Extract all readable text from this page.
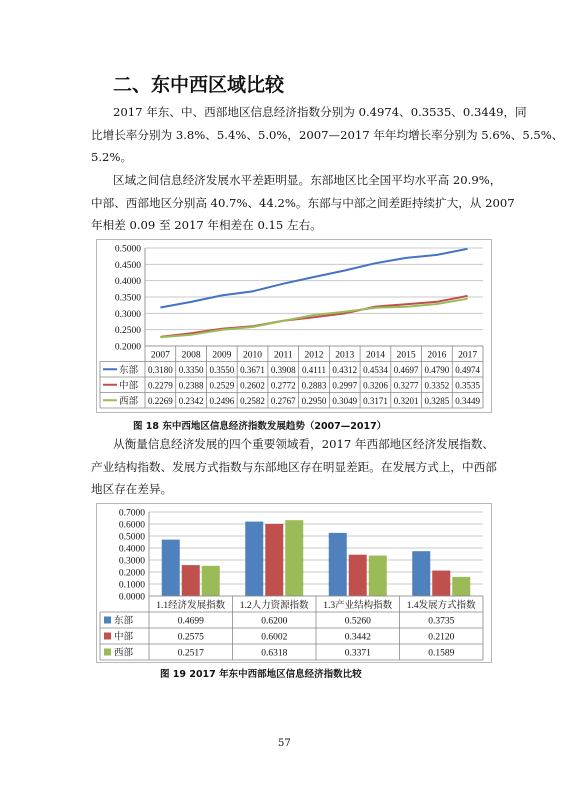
二、东中西区域比较

2017 年东、中、西部地区信息经济指数分别为 0.4974、0.3535、0.3449，同
比增长率分别为 3.8%、5.4%、5.0%，2007—2017 年年均增长率分别为 5.6%、5.5%、
5.2%。

区域之间信息经济发展水平差距明显。东部地区比全国平均水平高 20.9%，
中部、西部地区分别高 40.7%、44.2%。东部与中部之间差距持续扩大，从 2007
年相差 0.09 至 2017 年相差在 0.15 左右。

0.2000
0.2500
0.3000
0.3500
0.4000
0.4500
0.5000
2007 2008 2009 2010 2011 2012 2013 2014 2015 2016 2017
东部 0.3180 0.3350 0.3550 0.3671 0.3908 0.4111 0.4312 0.4534 0.4697 0.4790 0.4974
中部 0.2279 0.2388 0.2529 0.2602 0.2772 0.2883 0.2997 0.3206 0.3277 0.3352 0.3535
西部 0.2269 0.2342 0.2496 0.2582 0.2767 0.2950 0.3049 0.3171 0.3201 0.3285 0.3449
图 18 东中西地区信息经济指数发展趋势（2007—2017）

从衡量信息经济发展的四个重要领域看，2017 年西部地区经济发展指数、
产业结构指数、发展方式指数与东部地区存在明显差距。在发展方式上，中西部
地区存在差异。

0.0000
0.1000
0.2000
0.3000
0.4000
0.5000
0.6000
0.7000
1.1经济发展指数 1.2人力资源指数 1.3产业结构指数 1.4发展方式指数
东部	0.4699	0.6200	0.5260	0.3735
中部	0.2575	0.6002	0.3442	0.2120
西部	0.2517	0.6318	0.3371	0.1589
图 19 2017 年东中西部地区信息经济指数比较
57
